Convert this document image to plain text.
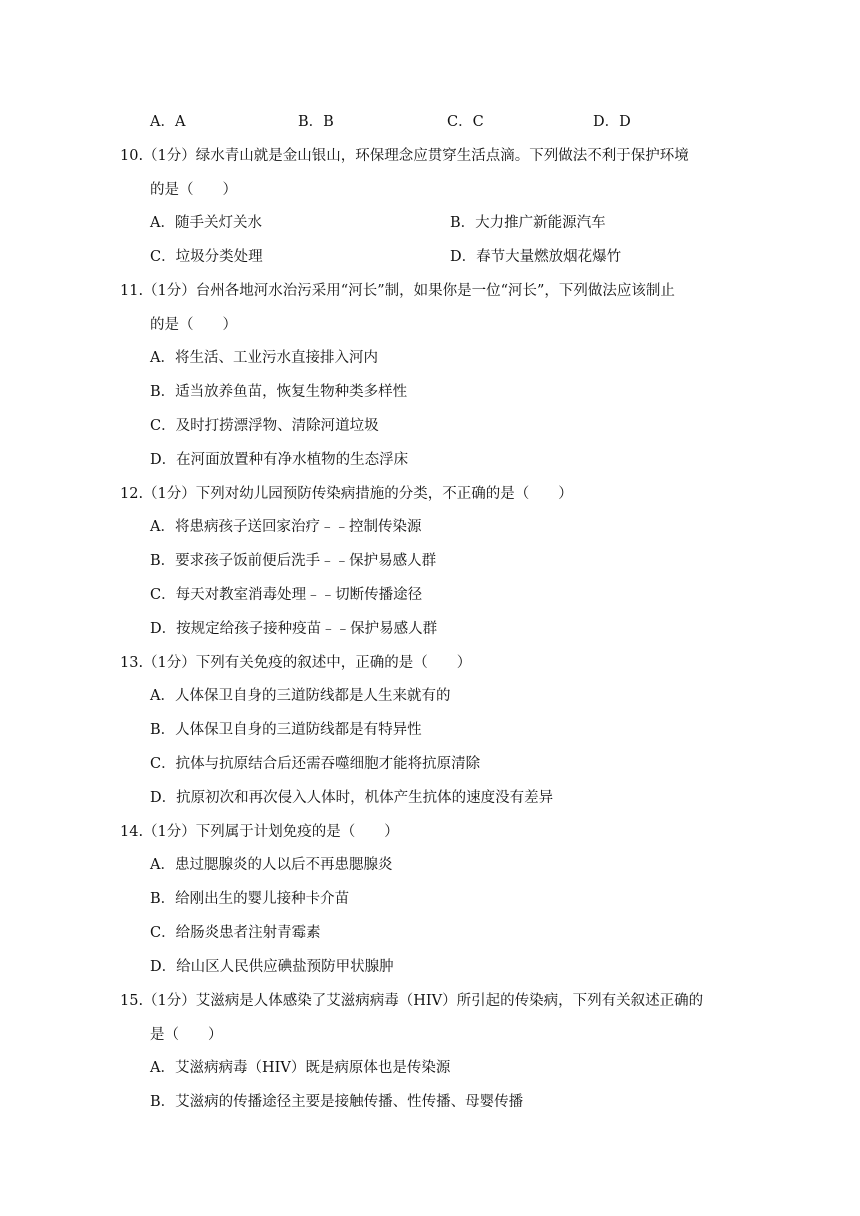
A．A	B．B	C．C	D．D
10.（1分）绿水青山就是金山银山，环保理念应贯穿生活点滴。下列做法不利于保护环境
的是（　　）
A．随手关灯关水	B．大力推广新能源汽车
C．垃圾分类处理	D．春节大量燃放烟花爆竹
11.（1分）台州各地河水治污采用“河长”制，如果你是一位“河长”，下列做法应该制止
的是（　　）
A．将生活、工业污水直接排入河内
B．适当放养鱼苗，恢复生物种类多样性
C．及时打捞漂浮物、清除河道垃圾
D．在河面放置种有净水植物的生态浮床
12.（1分）下列对幼儿园预防传染病措施的分类，不正确的是（　　）
A．将患病孩子送回家治疗﹣﹣控制传染源
B．要求孩子饭前便后洗手﹣﹣保护易感人群
C．每天对教室消毒处理﹣﹣切断传播途径
D．按规定给孩子接种疫苗﹣﹣保护易感人群
13.（1分）下列有关免疫的叙述中，正确的是（　　）
A．人体保卫自身的三道防线都是人生来就有的
B．人体保卫自身的三道防线都是有特异性
C．抗体与抗原结合后还需吞噬细胞才能将抗原清除
D．抗原初次和再次侵入人体时，机体产生抗体的速度没有差异
14.（1分）下列属于计划免疫的是（　　）
A．患过腮腺炎的人以后不再患腮腺炎
B．给刚出生的婴儿接种卡介苗
C．给肠炎患者注射青霉素
D．给山区人民供应碘盐预防甲状腺肿
15.（1分）艾滋病是人体感染了艾滋病病毒（HIV）所引起的传染病，下列有关叙述正确的
是（　　）
A．艾滋病病毒（HIV）既是病原体也是传染源
B．艾滋病的传播途径主要是接触传播、性传播、母婴传播
